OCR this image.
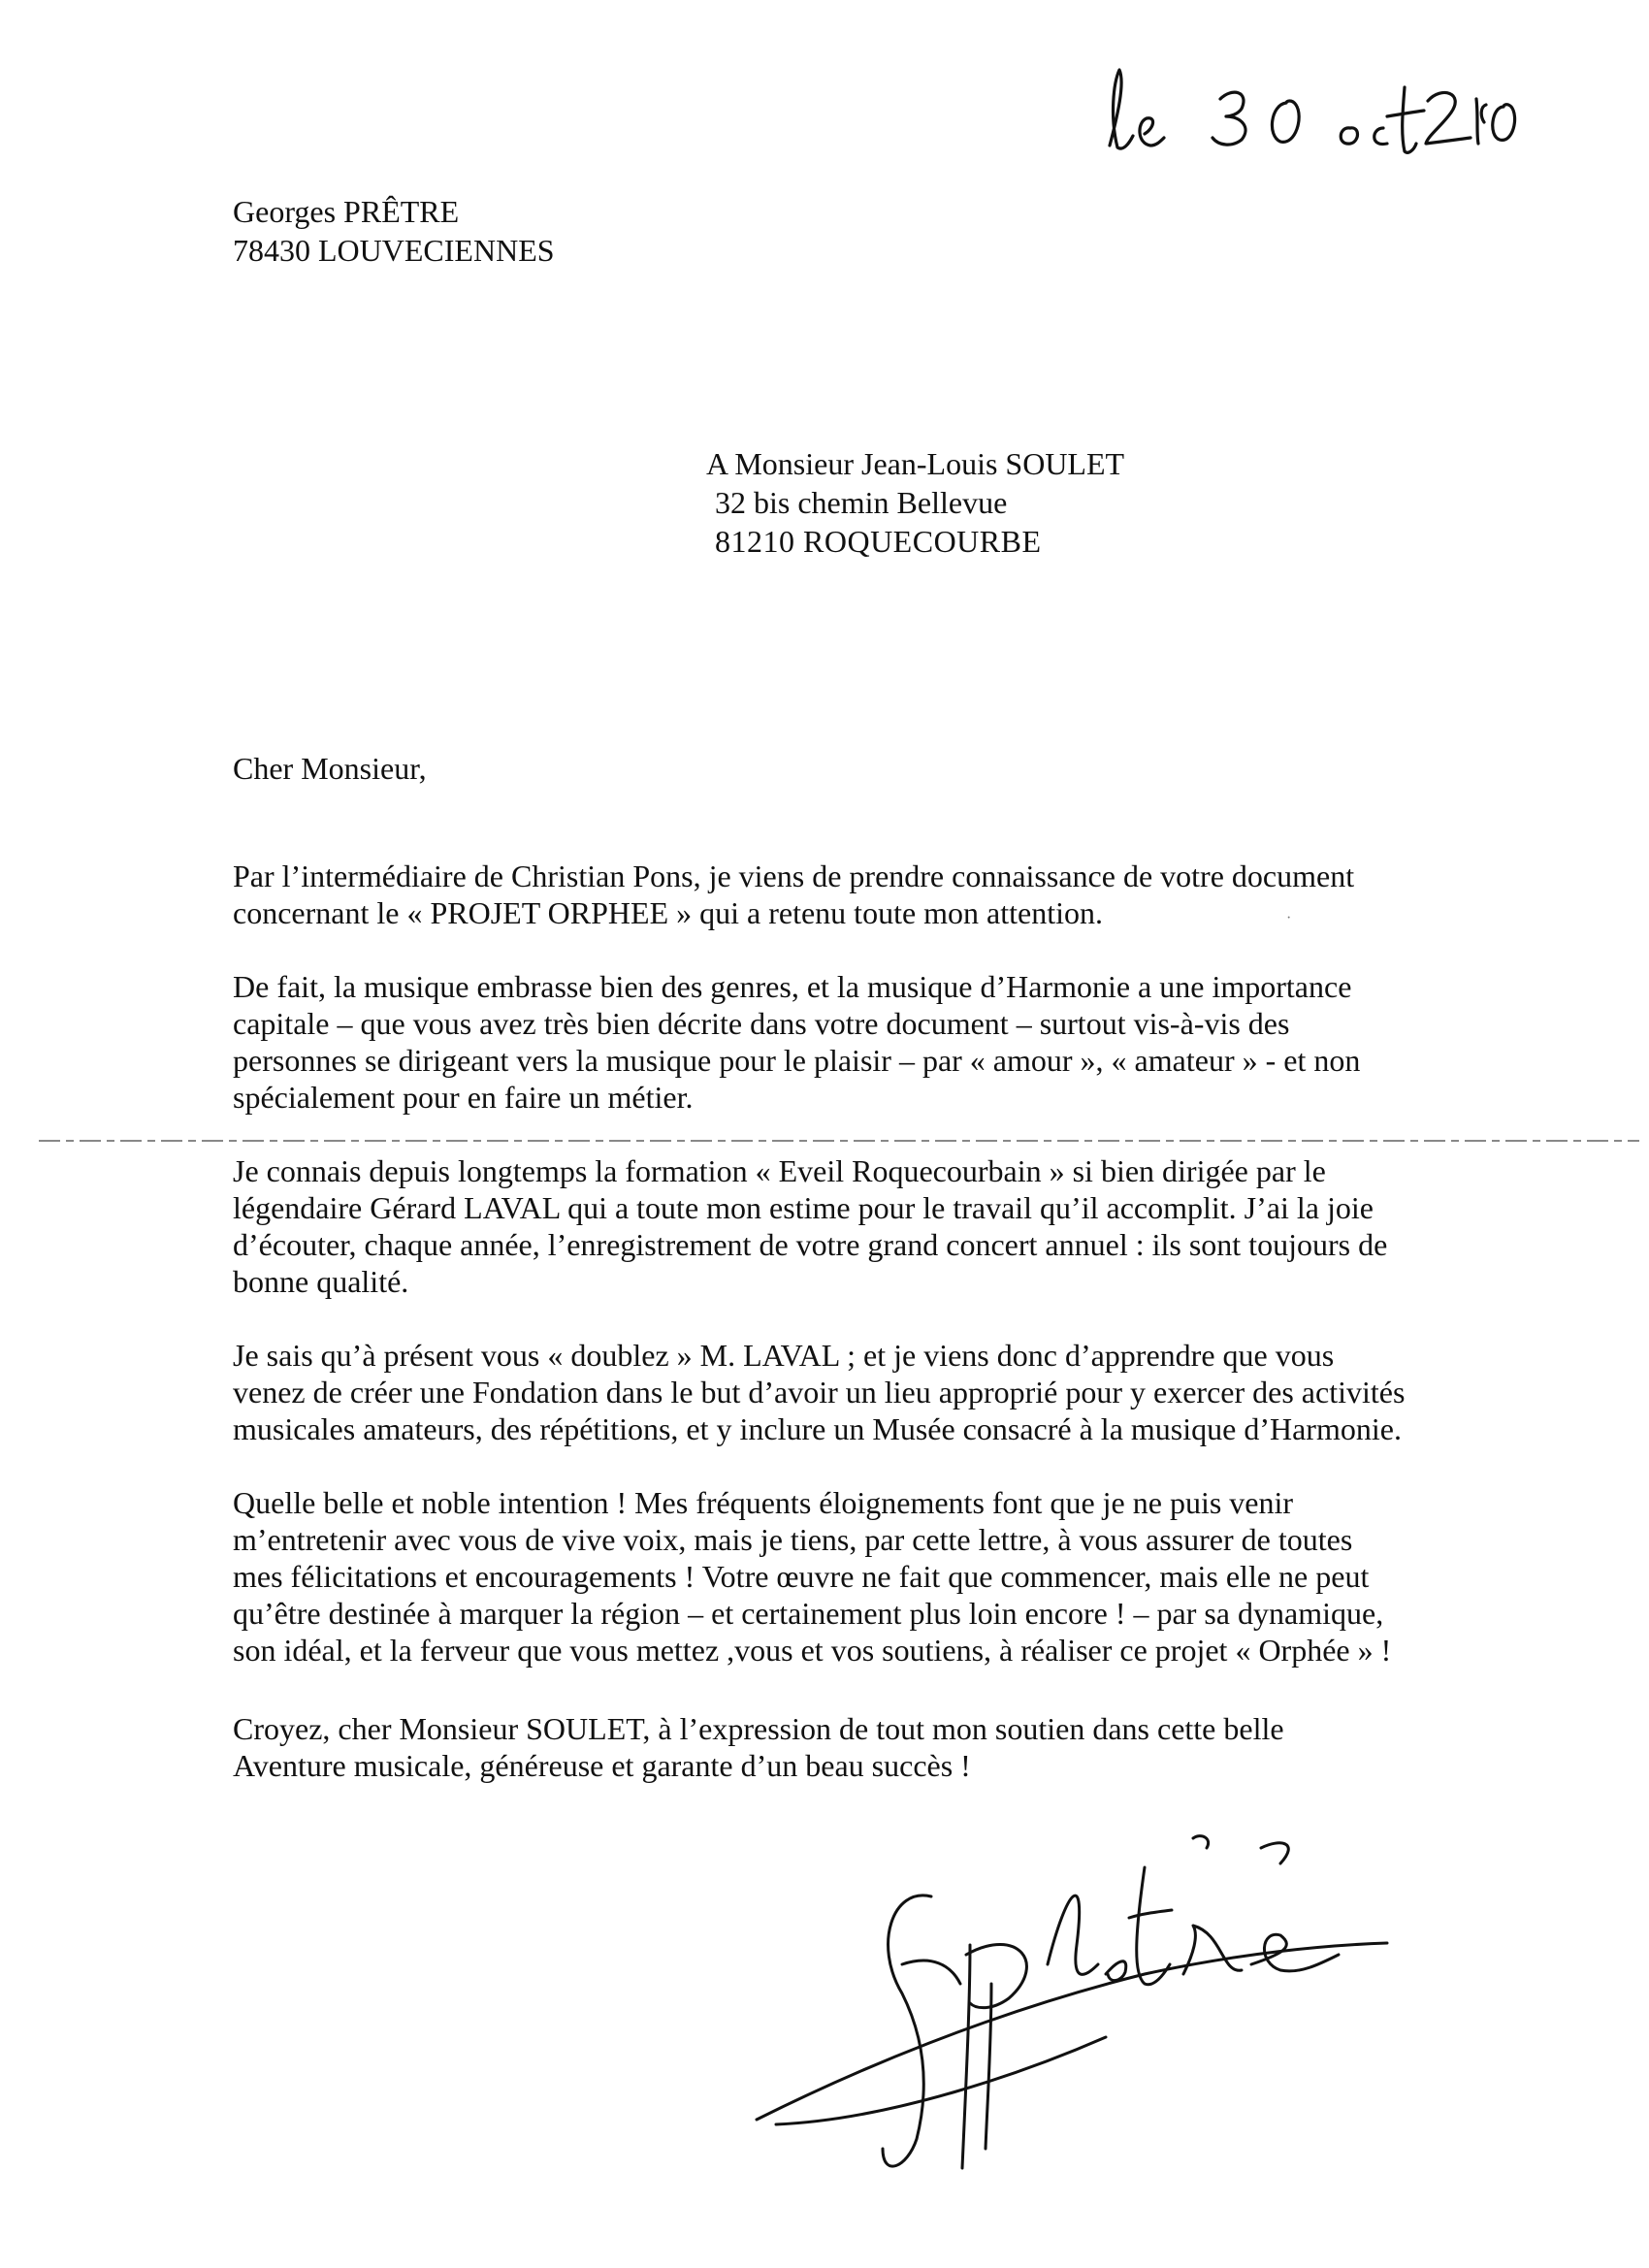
Georges PRÊTRE
78430 LOUVECIENNES
A Monsieur Jean-Louis SOULET
32 bis chemin Bellevue
81210 ROQUECOURBE
Cher Monsieur,
Par l’intermédiaire de Christian Pons, je viens de prendre connaissance de votre document
concernant le « PROJET ORPHEE » qui a retenu toute mon attention.
De fait, la musique embrasse bien des genres, et la musique d’Harmonie a une importance
capitale – que vous avez très bien décrite dans votre document – surtout vis-à-vis des
personnes se dirigeant vers la musique pour le plaisir – par « amour », « amateur » - et non
spécialement pour en faire un métier.
Je connais depuis longtemps la formation « Eveil Roquecourbain » si bien dirigée par le
légendaire Gérard LAVAL qui a toute mon estime pour le travail qu’il accomplit. J’ai la joie
d’écouter, chaque année, l’enregistrement de votre grand concert annuel : ils sont toujours de
bonne qualité.
Je sais qu’à présent vous « doublez » M. LAVAL ; et je viens donc d’apprendre que vous
venez de créer une Fondation dans le but d’avoir un lieu approprié pour y exercer des activités
musicales amateurs, des répétitions, et y inclure un Musée consacré à la musique d’Harmonie.
Quelle belle et noble intention ! Mes fréquents éloignements font que je ne puis venir
m’entretenir avec vous de vive voix, mais je tiens, par cette lettre, à vous assurer de toutes
mes félicitations et encouragements ! Votre œuvre ne fait que commencer, mais elle ne peut
qu’être destinée à marquer la région – et certainement plus loin encore ! – par sa dynamique,
son idéal, et la ferveur que vous mettez ,vous et vos soutiens, à réaliser ce projet « Orphée » !
Croyez, cher Monsieur SOULET, à l’expression de tout mon soutien dans cette belle
Aventure musicale, généreuse et garante d’un beau succès !
·
